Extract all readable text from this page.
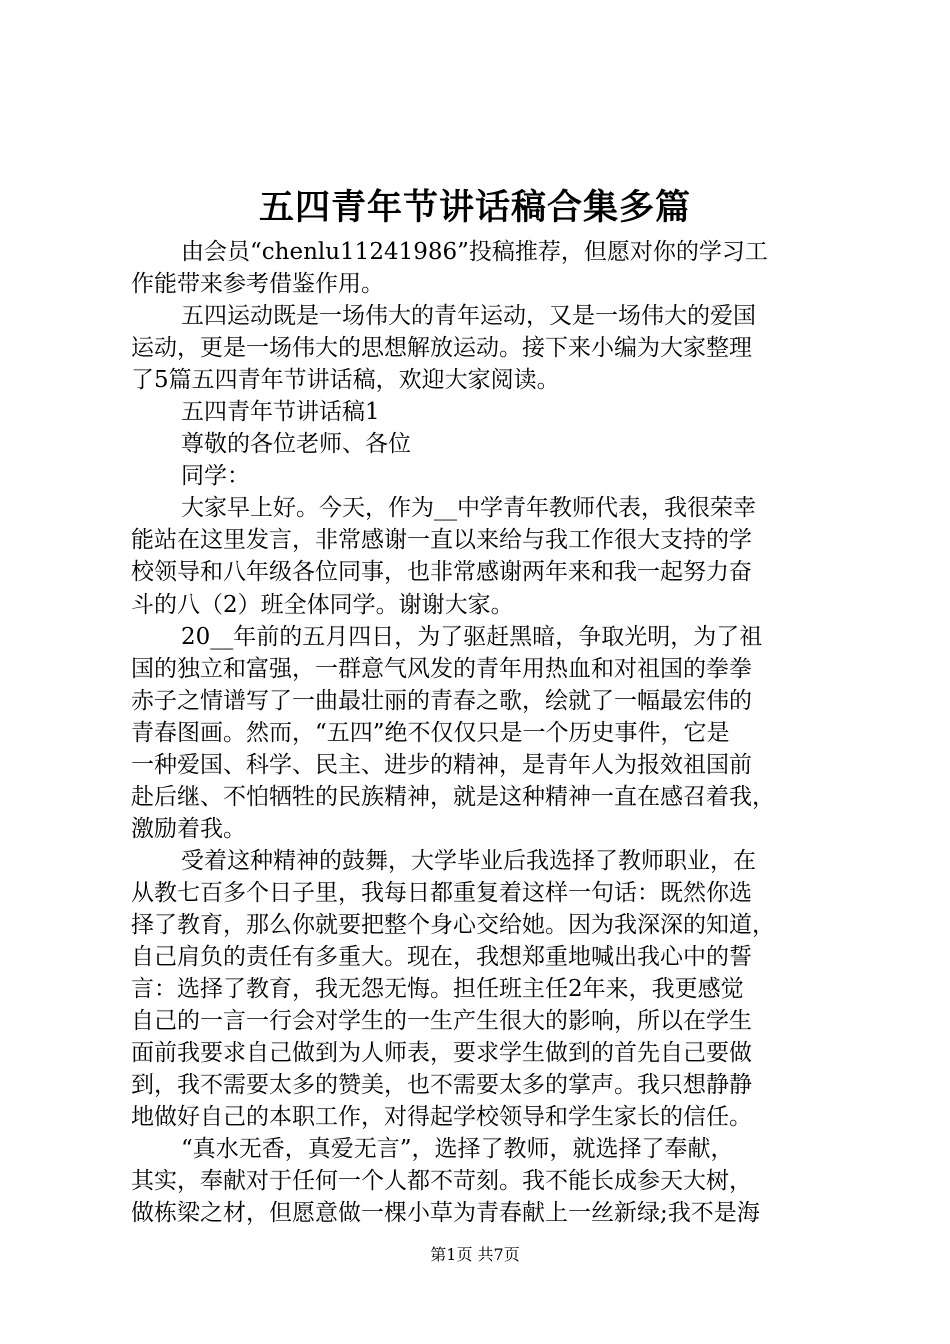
五四青年节讲话稿合集多篇
由会员“chenlu11241986”投稿推荐，但愿对你的学习工
作能带来参考借鉴作用。
五四运动既是一场伟大的青年运动，又是一场伟大的爱国
运动，更是一场伟大的思想解放运动。接下来小编为大家整理
了5篇五四青年节讲话稿，欢迎大家阅读。
五四青年节讲话稿1
尊敬的各位老师、各位
同学：
大家早上好。今天，作为__中学青年教师代表，我很荣幸
能站在这里发言，非常感谢一直以来给与我工作很大支持的学
校领导和八年级各位同事，也非常感谢两年来和我一起努力奋
斗的八（2）班全体同学。谢谢大家。
20__年前的五月四日，为了驱赶黑暗，争取光明，为了祖
国的独立和富强，一群意气风发的青年用热血和对祖国的拳拳
赤子之情谱写了一曲最壮丽的青春之歌，绘就了一幅最宏伟的
青春图画。然而，“五四”绝不仅仅只是一个历史事件，它是
一种爱国、科学、民主、进步的精神，是青年人为报效祖国前
赴后继、不怕牺牲的民族精神，就是这种精神一直在感召着我，
激励着我。
受着这种精神的鼓舞，大学毕业后我选择了教师职业，在
从教七百多个日子里，我每日都重复着这样一句话：既然你选
择了教育，那么你就要把整个身心交给她。因为我深深的知道，
自己肩负的责任有多重大。现在，我想郑重地喊出我心中的誓
言：选择了教育，我无怨无悔。担任班主任2年来，我更感觉
自己的一言一行会对学生的一生产生很大的影响，所以在学生
面前我要求自己做到为人师表，要求学生做到的首先自己要做
到，我不需要太多的赞美，也不需要太多的掌声。我只想静静
地做好自己的本职工作，对得起学校领导和学生家长的信任。
“真水无香，真爱无言”，选择了教师，就选择了奉献，
其实，奉献对于任何一个人都不苛刻。我不能长成参天大树，
做栋梁之材，但愿意做一棵小草为青春献上一丝新绿;我不是海
第1页 共7页
